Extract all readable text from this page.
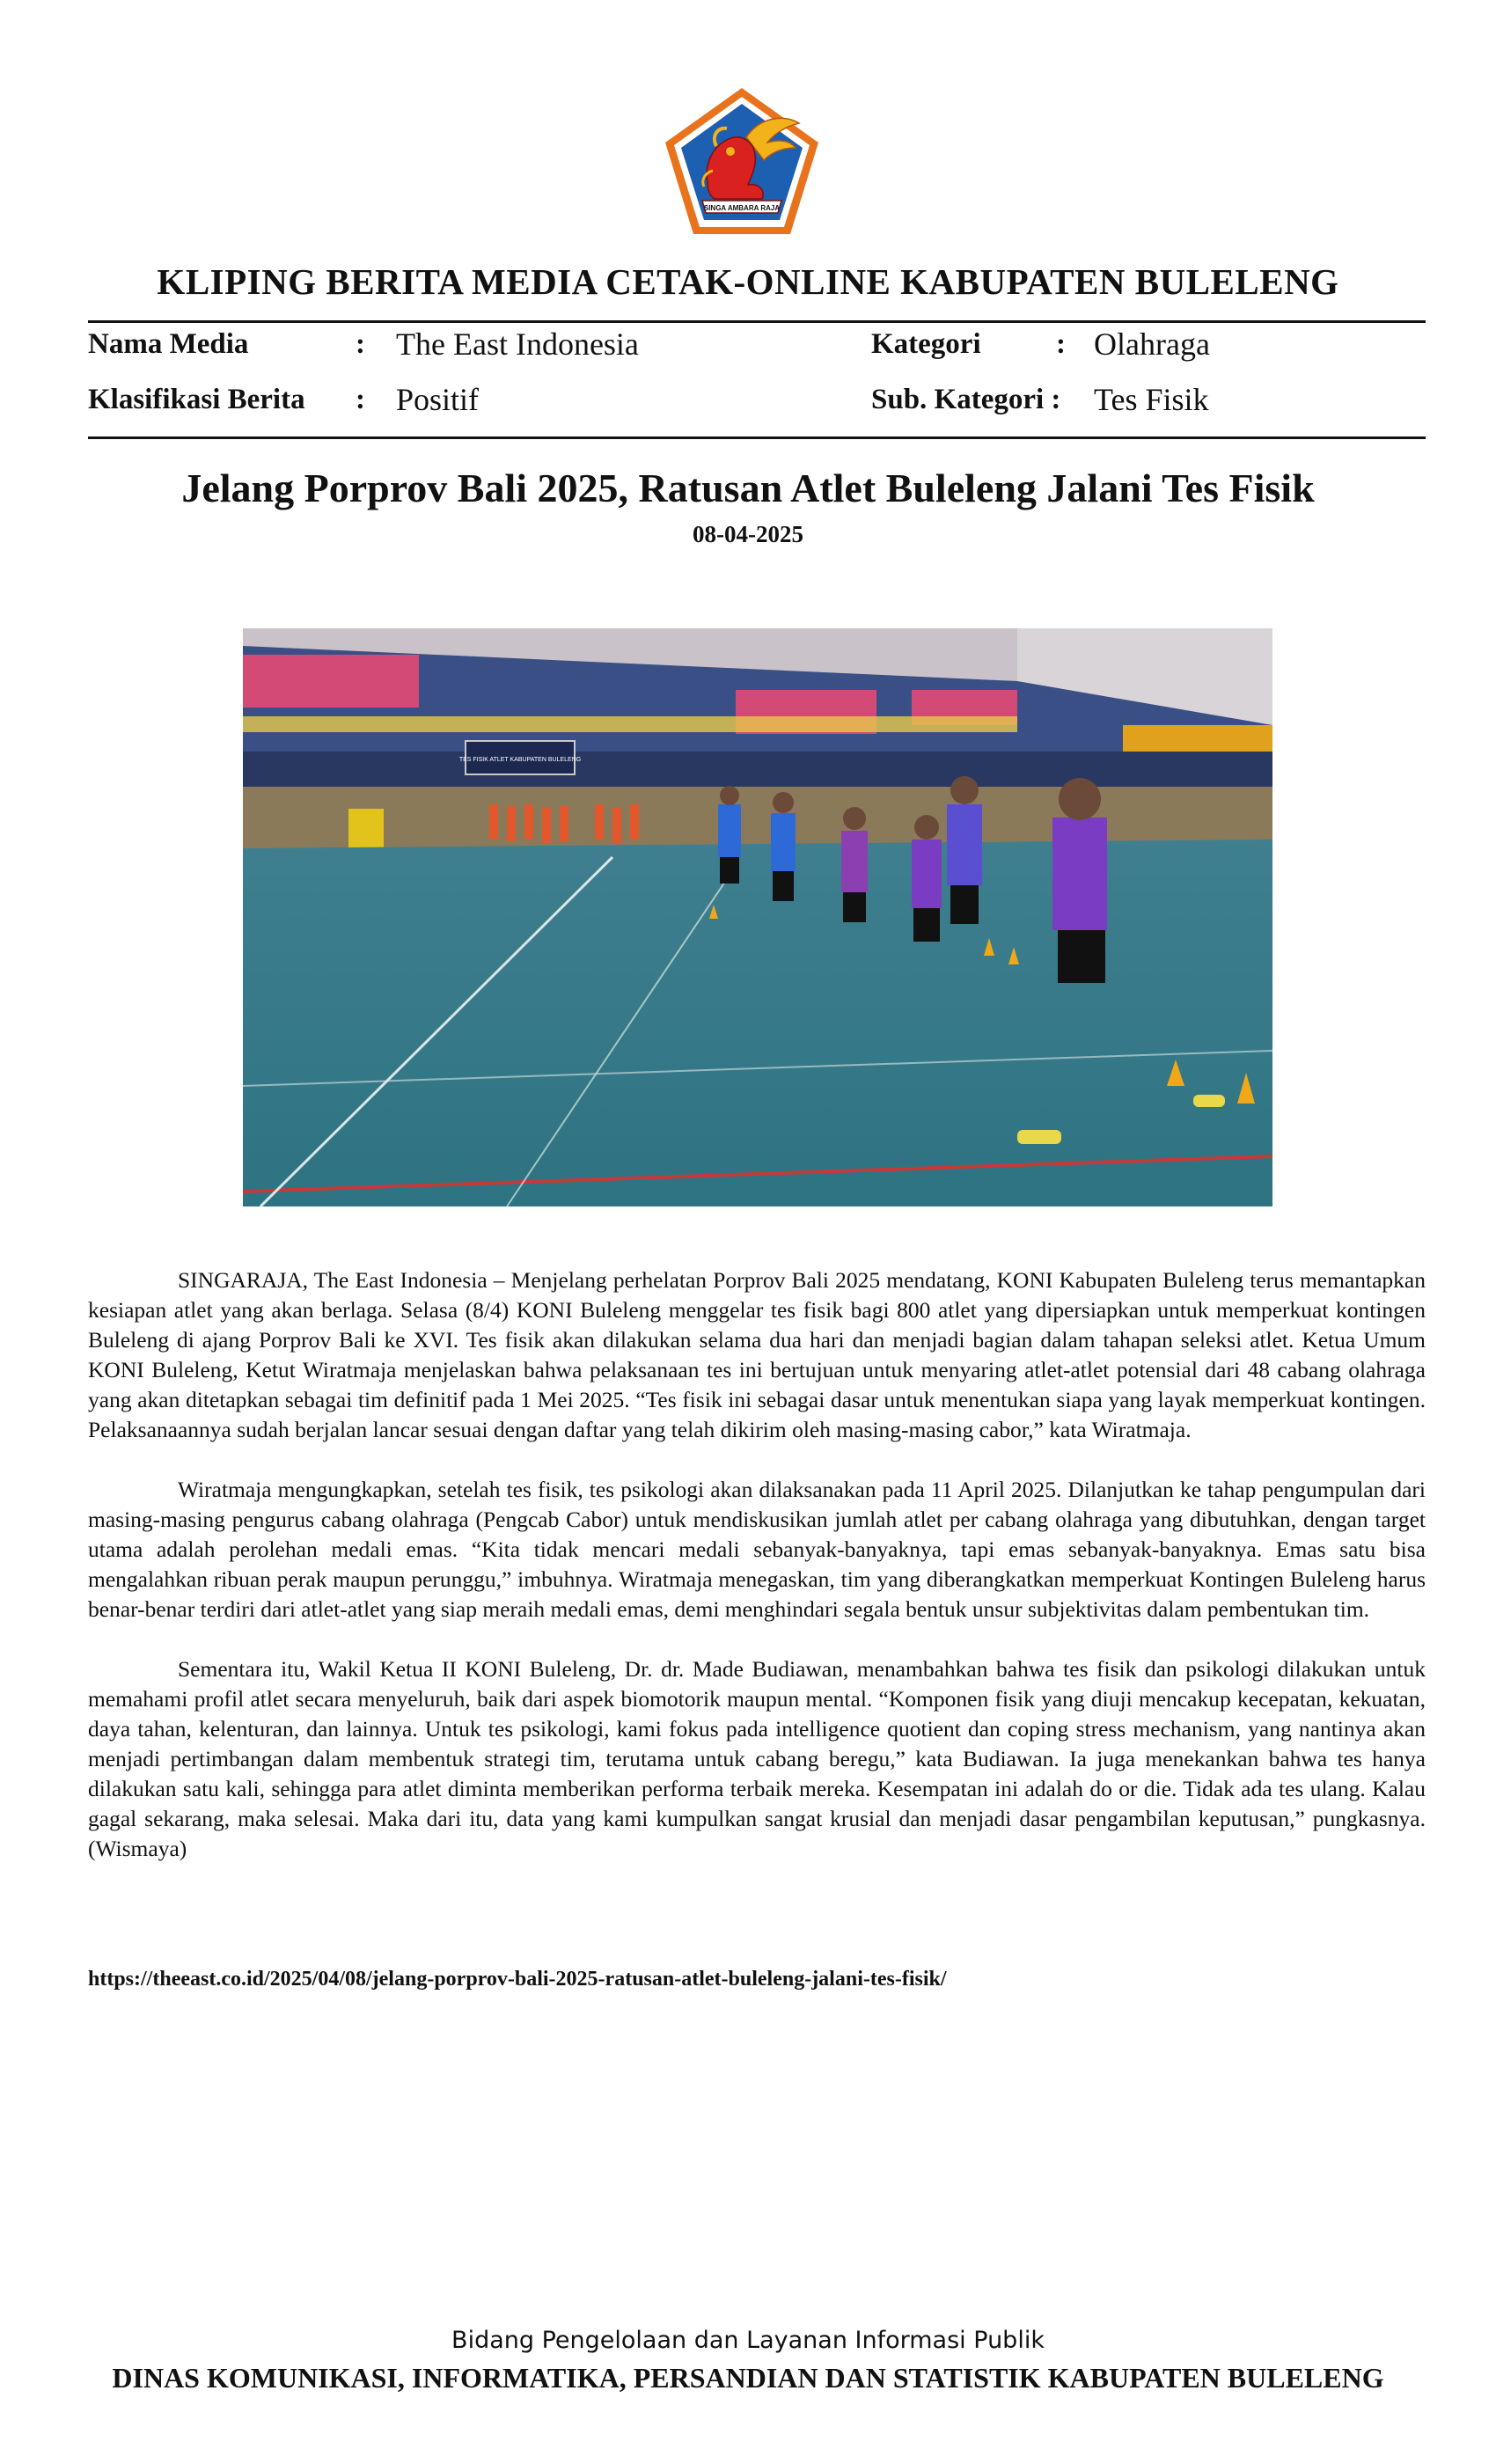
SINGA AMBARA RAJA
KLIPING BERITA MEDIA CETAK-ONLINE KABUPATEN BULELENG
Nama Media	: The East Indonesia	Kategori	: Olahraga
Klasifikasi Berita : Positif	Sub. Kategori : Tes Fisik
Jelang Porprov Bali 2025, Ratusan Atlet Buleleng Jalani Tes Fisik
08-04-2025
TES FISIK ATLET KABUPATEN BULELENG

SINGARAJA, The East Indonesia – Menjelang perhelatan Porprov Bali 2025 mendatang, KONI Kabupaten Buleleng terus memantapkan kesiapan atlet yang akan berlaga. Selasa (8/4) KONI Buleleng menggelar tes fisik bagi 800 atlet yang dipersiapkan untuk memperkuat kontingen Buleleng di ajang Porprov Bali ke XVI. Tes fisik akan dilakukan selama dua hari dan menjadi bagian dalam tahapan seleksi atlet. Ketua Umum KONI Buleleng, Ketut Wiratmaja menjelaskan bahwa pelaksanaan tes ini bertujuan untuk menyaring atlet-atlet potensial dari 48 cabang olahraga yang akan ditetapkan sebagai tim definitif pada 1 Mei 2025. “Tes fisik ini sebagai dasar untuk menentukan siapa yang layak memperkuat kontingen. Pelaksanaannya sudah berjalan lancar sesuai dengan daftar yang telah dikirim oleh masing-masing cabor,” kata Wiratmaja.

Wiratmaja mengungkapkan, setelah tes fisik, tes psikologi akan dilaksanakan pada 11 April 2025. Dilanjutkan ke tahap pengumpulan dari masing-masing pengurus cabang olahraga (Pengcab Cabor) untuk mendiskusikan jumlah atlet per cabang olahraga yang dibutuhkan, dengan target utama adalah perolehan medali emas. “Kita tidak mencari medali sebanyak-banyaknya, tapi emas sebanyak-banyaknya. Emas satu bisa mengalahkan ribuan perak maupun perunggu,” imbuhnya. Wiratmaja menegaskan, tim yang diberangkatkan memperkuat Kontingen Buleleng harus benar-benar terdiri dari atlet-atlet yang siap meraih medali emas, demi menghindari segala bentuk unsur subjektivitas dalam pembentukan tim.

Sementara itu, Wakil Ketua II KONI Buleleng, Dr. dr. Made Budiawan, menambahkan bahwa tes fisik dan psikologi dilakukan untuk memahami profil atlet secara menyeluruh, baik dari aspek biomotorik maupun mental. “Komponen fisik yang diuji mencakup kecepatan, kekuatan, daya tahan, kelenturan, dan lainnya. Untuk tes psikologi, kami fokus pada intelligence quotient dan coping stress mechanism, yang nantinya akan menjadi pertimbangan dalam membentuk strategi tim, terutama untuk cabang beregu,” kata Budiawan. Ia juga menekankan bahwa tes hanya dilakukan satu kali, sehingga para atlet diminta memberikan performa terbaik mereka. Kesempatan ini adalah do or die. Tidak ada tes ulang. Kalau gagal sekarang, maka selesai. Maka dari itu, data yang kami kumpulkan sangat krusial dan menjadi dasar pengambilan keputusan,” pungkasnya.(Wismaya)

https://theeast.co.id/2025/04/08/jelang-porprov-bali-2025-ratusan-atlet-buleleng-jalani-tes-fisik/
Bidang Pengelolaan dan Layanan Informasi Publik
DINAS KOMUNIKASI, INFORMATIKA, PERSANDIAN DAN STATISTIK KABUPATEN BULELENG
